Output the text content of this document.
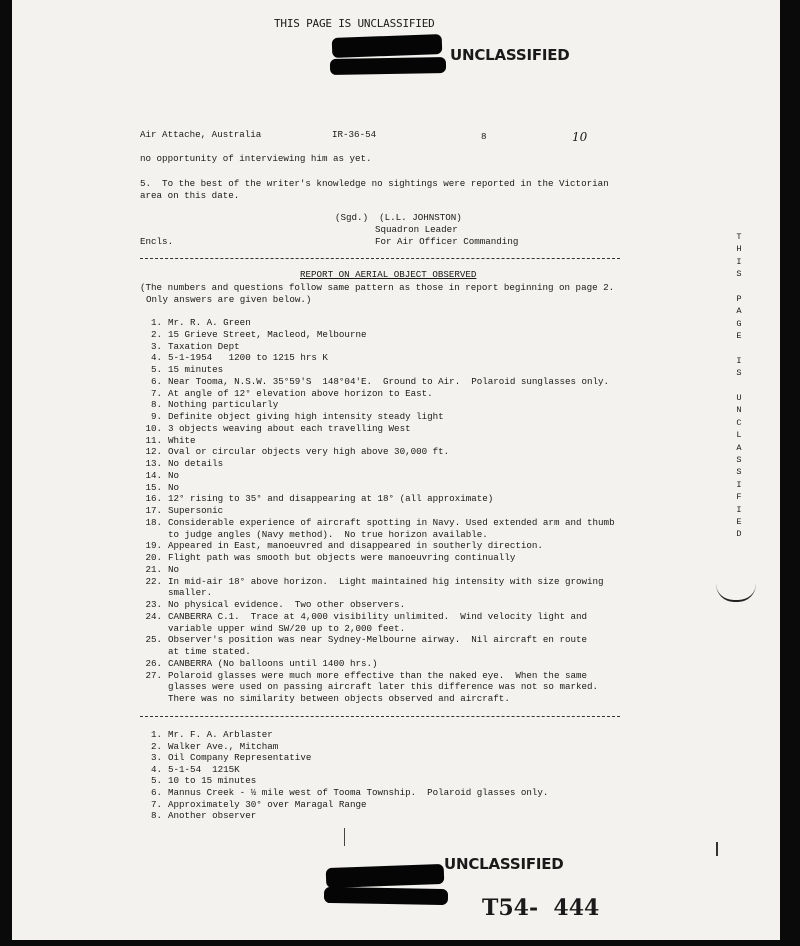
THIS PAGE IS UNCLASSIFIED
UNCLASSIFIED
Air Attache, Australia	IR-36-54	8	10
no opportunity of interviewing him as yet.
5.  To the best of the writer's knowledge no sightings were reported in the Victorian
area on this date.
(Sgd.)  (L.L. JOHNSTON)
Squadron Leader
Encls.	For Air Officer Commanding
REPORT ON AERIAL OBJECT OBSERVED
(The numbers and questions follow same pattern as those in report beginning on page 2.
Only answers are given below.)
1. Mr. R. A. Green
2. 15 Grieve Street, Macleod, Melbourne
3. Taxation Dept
4. 5-1-1954   1200 to 1215 hrs K
5. 15 minutes
6. Near Tooma, N.S.W. 35°59'S  148°04'E.  Ground to Air.  Polaroid sunglasses only.
7. At angle of 12° elevation above horizon to East.
8. Nothing particularly
9. Definite object giving high intensity steady light
10. 3 objects weaving about each travelling West
11. White
12. Oval or circular objects very high above 30,000 ft.
13. No details
14. No
15. No
16. 12° rising to 35° and disappearing at 18° (all approximate)
17. Supersonic
18. Considerable experience of aircraft spotting in Navy. Used extended arm and thumb
to judge angles (Navy method).  No true horizon available.
19. Appeared in East, manoeuvred and disappeared in southerly direction.
20. Flight path was smooth but objects were manoeuvring continually
21. No
22. In mid-air 18° above horizon.  Light maintained hig intensity with size growing
smaller.
23. No physical evidence.  Two other observers.
24. CANBERRA C.1.  Trace at 4,000 visibility unlimited.  Wind velocity light and
variable upper wind SW/20 up to 2,000 feet.
25. Observer's position was near Sydney-Melbourne airway.  Nil aircraft en route
at time stated.
26. CANBERRA (No balloons until 1400 hrs.)
27. Polaroid glasses were much more effective than the naked eye.  When the same
glasses were used on passing aircraft later this difference was not so marked.
There was no similarity between objects observed and aircraft.
1. Mr. F. A. Arblaster
2. Walker Ave., Mitcham
3. Oil Company Representative
4. 5-1-54  1215K
5. 10 to 15 minutes
6. Mannus Creek - ½ mile west of Tooma Township.  Polaroid glasses only.
7. Approximately 30° over Maragal Range
8. Another observer
T
H
I
S
P
A
G
E
I
S
U
N
C
L
A
S
S
I
F
I
E
D
UNCLASSIFIED
T54-  444
